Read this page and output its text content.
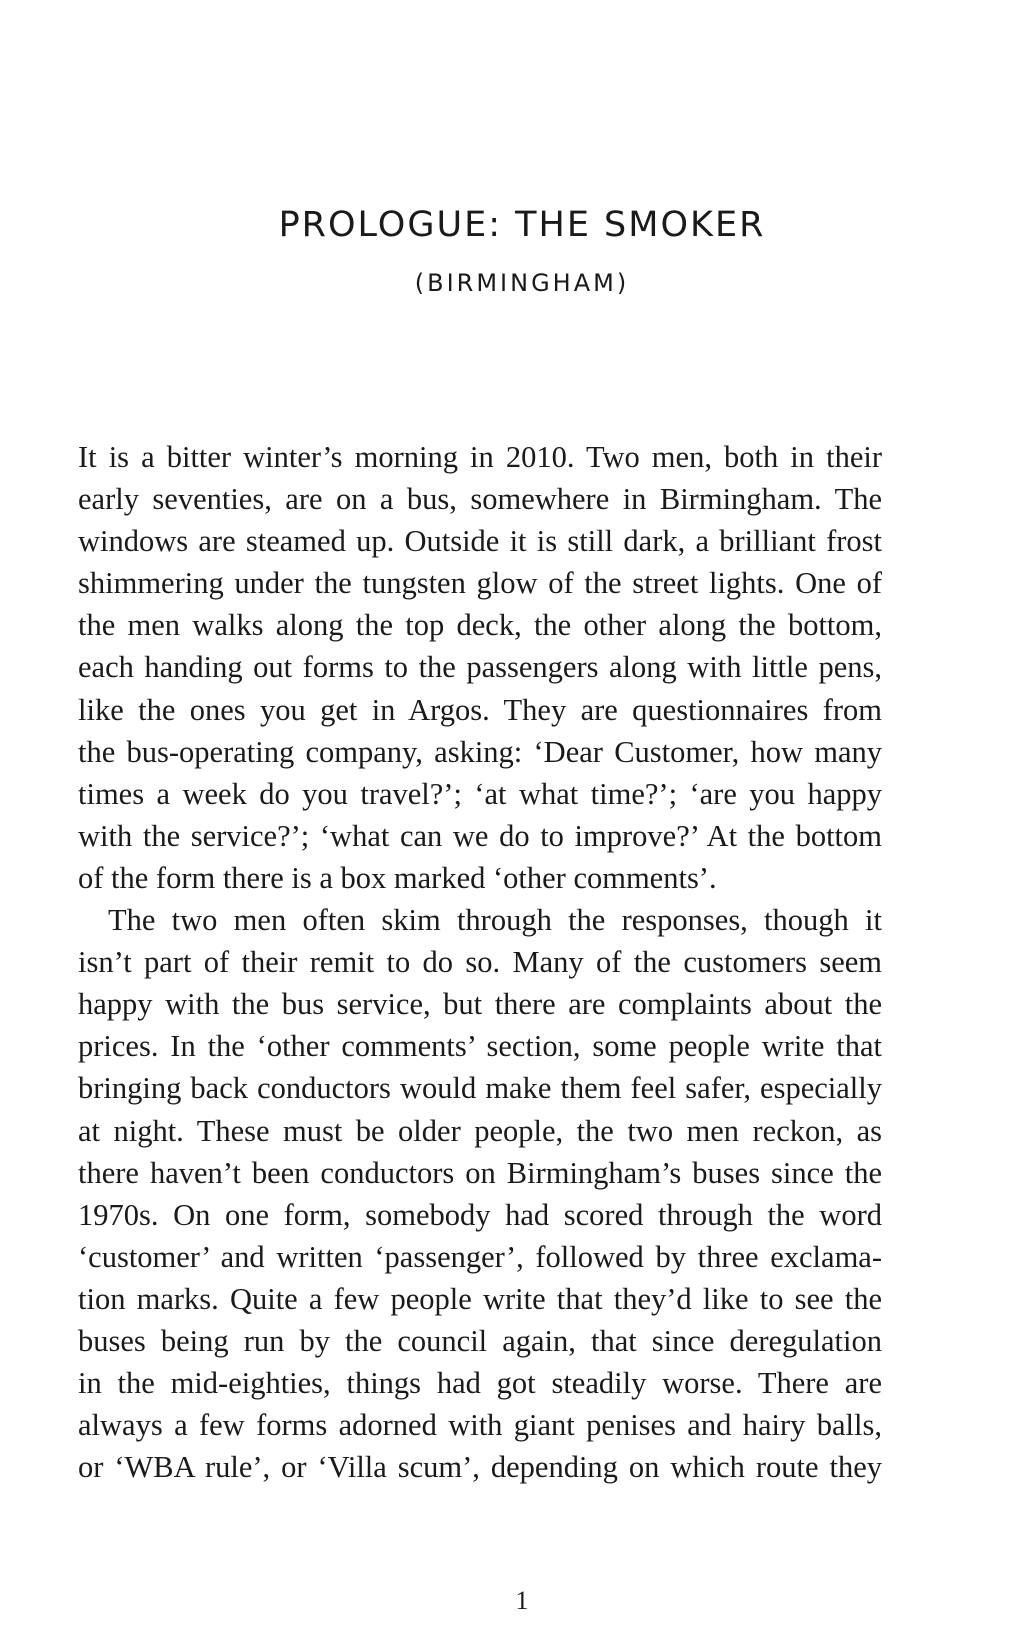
PROLOGUE: THE SMOKER
(BIRMINGHAM)

It is a bitter winter’s morning in 2010. Two men, both in their
early seventies, are on a bus, somewhere in Birmingham. The
windows are steamed up. Outside it is still dark, a brilliant frost
shimmering under the tungsten glow of the street lights. One of
the men walks along the top deck, the other along the bottom,
each handing out forms to the passengers along with little pens,
like the ones you get in Argos. They are questionnaires from
the bus-operating company, asking: ‘Dear Customer, how many
times a week do you travel?’; ‘at what time?’; ‘are you happy
with the service?’; ‘what can we do to improve?’ At the bottom
of the form there is a box marked ‘other comments’.

The two men often skim through the responses, though it
isn’t part of their remit to do so. Many of the customers seem
happy with the bus service, but there are complaints about the
prices. In the ‘other comments’ section, some people write that
bringing back conductors would make them feel safer, especially
at night. These must be older people, the two men reckon, as
there haven’t been conductors on Birmingham’s buses since the
1970s. On one form, somebody had scored through the word
‘customer’ and written ‘passenger’, followed by three exclama-
tion marks. Quite a few people write that they’d like to see the
buses being run by the council again, that since deregulation
in the mid-eighties, things had got steadily worse. There are
always a few forms adorned with giant penises and hairy balls,
or ‘WBA rule’, or ‘Villa scum’, depending on which route they

1
